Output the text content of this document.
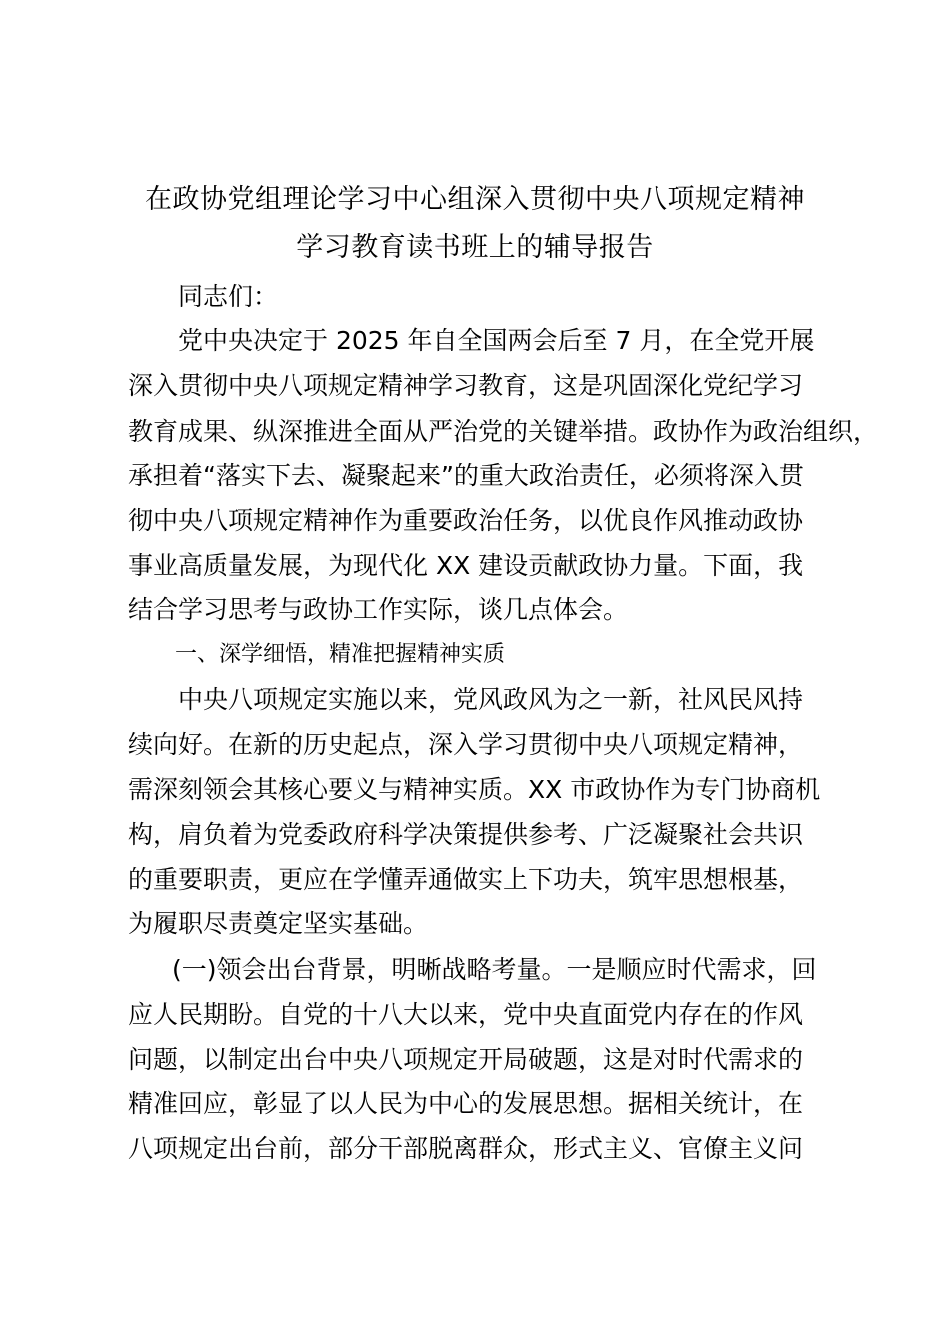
在政协党组理论学习中心组深入贯彻中央八项规定精神
学习教育读书班上的辅导报告
同志们：
党中央决定于 2025 年自全国两会后至 7 月，在全党开展
深入贯彻中央八项规定精神学习教育，这是巩固深化党纪学习
教育成果、纵深推进全面从严治党的关键举措。政协作为政治组织，
承担着“落实下去、凝聚起来”的重大政治责任，必须将深入贯
彻中央八项规定精神作为重要政治任务，以优良作风推动政协
事业高质量发展，为现代化 XX 建设贡献政协力量。下面，我
结合学习思考与政协工作实际，谈几点体会。
一、深学细悟，精准把握精神实质
中央八项规定实施以来，党风政风为之一新，社风民风持
续向好。在新的历史起点，深入学习贯彻中央八项规定精神，
需深刻领会其核心要义与精神实质。XX 市政协作为专门协商机
构，肩负着为党委政府科学决策提供参考、广泛凝聚社会共识
的重要职责，更应在学懂弄通做实上下功夫，筑牢思想根基，
为履职尽责奠定坚实基础。
(一)领会出台背景，明晰战略考量。一是顺应时代需求，回
应人民期盼。自党的十八大以来，党中央直面党内存在的作风
问题，以制定出台中央八项规定开局破题，这是对时代需求的
精准回应，彰显了以人民为中心的发展思想。据相关统计，在
八项规定出台前，部分干部脱离群众，形式主义、官僚主义问
